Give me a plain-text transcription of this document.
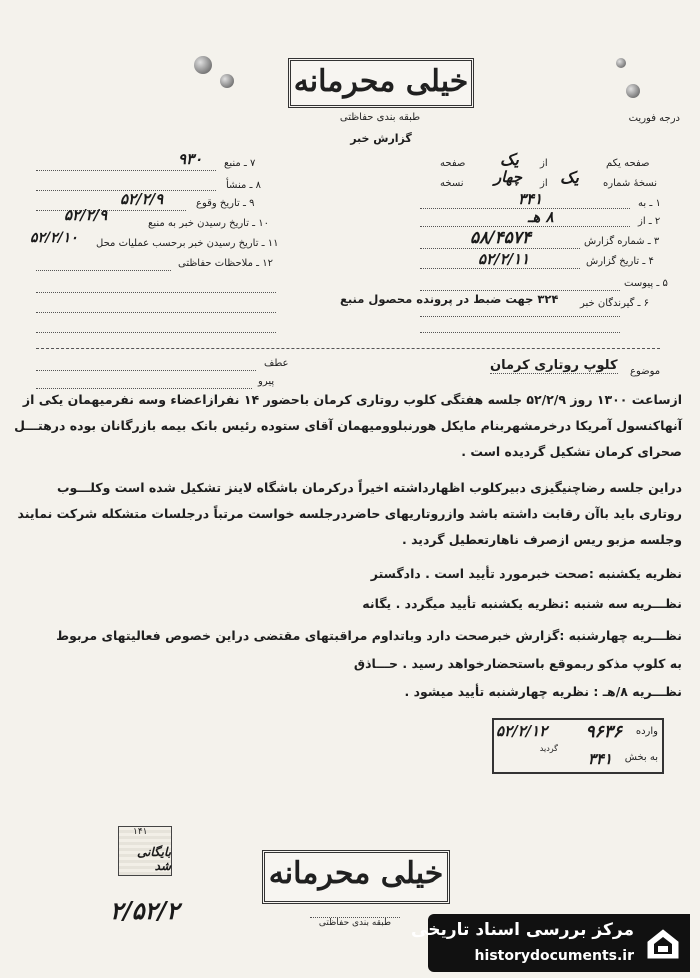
خیلی محرمانه
طبقه بندی حفاظتی
گزارش خبر
درجه فوریت
صفحه یکم
یک از
صفحه
نسخهٔ شماره
یک
از
چهار
نسخه
۱ ـ به
۳۴۱
۲ ـ از
۸ هـ
۳ ـ شماره گزارش
۵۸/۴۵۷۴
۴ ـ تاریخ گزارش
۵۲/۲/۱۱
۵ ـ پیوست
۶ ـ گیرندگان خبر
۳۲۴ جهت ضبط در پرونده محصول منبع
۷ ـ منبع
۹۳۰
۸ ـ منشأ
۹ ـ تاریخ وقوع
۵۲/۲/۹
۱۰ ـ تاریخ رسیدن خبر به منبع
۵۲/۲/۹
۱۱ ـ تاریخ رسیدن خبر برحسب عملیات محل
۵۲/۲/۱۰
۱۲ ـ ملاحظات حفاظتی
موضوع
کلوپ روتاری کرمان
عطف
پیرو
ازساعت ۱۳۰۰ روز ۵۲/۲/۹ جلسه هفتگی کلوب روتاری کرمان باحضور ۱۴ نفرازاعضاء وسه نفرمیهمان یکی از
آنهاکنسول آمریکا درخرمشهربنام مایکل هورنبلوومیهمان آقای ستوده رئیس بانک بیمه بازرگانان بوده درهتـــل
صحرای کرمان تشکیل گردیده است .
دراین جلسه رضاچنیگیزی دبیرکلوب اظهارداشته اخیراً درکرمان باشگاه لاینز تشکیل شده است وکلـــوب
روتاری باید باآن رقابت داشته باشد وازروتاریهای حاضردرجلسه خواست مرتباً درجلسات متشکله شرکت نمایند
وجلسه مزبو ریس ازصرف ناهارتعطیل گردید .
نظریه یکشنبه :صحت خبرمورد تأیید است . دادگستر
نظـــریه سه شنبه :نظریه یکشنبه تأیید میگردد . یگانه
نظـــریه چهارشنبه :گزارش خبرصحت دارد وباتداوم مراقبتهای مقتضی دراین خصوص فعالیتهای مربوط
به کلوپ مذکو ربموقع باستحضارخواهد رسید . حـــاذق
نظـــریه ۸/هـ : نظریه چهارشنبه تأیید میشود .
وارده
۹۶۳۶
۵۲/۲/۱۲
گردید
به بخش
۳۴۱
۱۴۱
بایگانی شد	خیلی محرمانه
طبقه بندی حفاظتی
۲/۵۲/۲
مرکز بررسی اسناد تاریخی
historydocuments.ir
